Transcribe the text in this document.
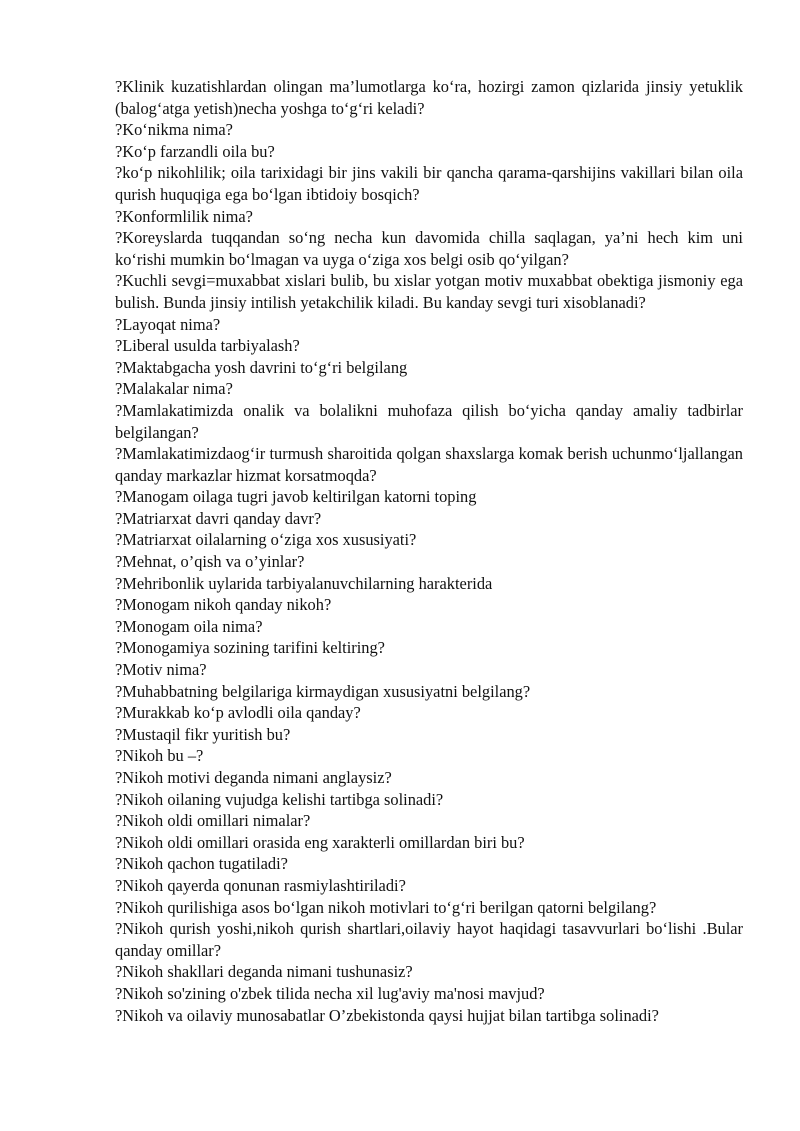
?Klinik kuzatishlardan olingan ma’lumotlarga ko‘ra, hozirgi zamon qizlarida jinsiy yetuklik (balog‘atga yetish)necha yoshga to‘g‘ri keladi?

?Ko‘nikma nima?

?Ko‘p farzandli oila bu?

?ko‘p nikohlilik; oila tarixidagi bir jins vakili bir qancha qarama-qarshijins vakillari bilan oila qurish huquqiga ega bo‘lgan ibtidoiy bosqich?

?Konformlilik nima?

?Koreyslarda tuqqandan so‘ng necha kun davomida chilla saqlagan, ya’ni hech kim uni ko‘rishi mumkin bo‘lmagan va uyga o‘ziga xos belgi osib qo‘yilgan?

?Kuchli sevgi=muxabbat xislari bulib, bu xislar yotgan motiv muxabbat obektiga jismoniy ega bulish. Bunda jinsiy intilish yetakchilik kiladi. Bu kanday sevgi turi xisoblanadi?

?Layoqat nima?

?Liberal usulda tarbiyalash?

?Maktabgacha yosh davrini to‘g‘ri belgilang

?Malakalar nima?

?Mamlakatimizda onalik va bolalikni muhofaza qilish bo‘yicha qanday amaliy tadbirlar belgilangan?

?Mamlakatimizdaog‘ir turmush sharoitida qolgan shaxslarga komak berish uchunmo‘ljallangan qanday markazlar hizmat korsatmoqda?

?Manogam oilaga tugri javob keltirilgan katorni toping

?Matriarxat davri qanday davr?

?Matriarxat oilalarning o‘ziga xos xususiyati?

?Mehnat, o’qish va o’yinlar?

?Mehribonlik uylarida tarbiyalanuvchilarning harakterida

?Monogam nikoh qanday nikoh?

?Monogam oila nima?

?Monogamiya sozining tarifini keltiring?

?Motiv nima?

?Muhabbatning belgilariga kirmaydigan xususiyatni belgilang?

?Murakkab ko‘p avlodli oila qanday?

?Mustaqil fikr yuritish bu?

?Nikoh bu –?

?Nikoh motivi deganda nimani anglaysiz?

?Nikoh oilaning vujudga kelishi tartibga solinadi?

?Nikoh oldi omillari nimalar?

?Nikoh oldi omillari orasida eng xarakterli omillardan biri bu?

?Nikoh qachon tugatiladi?

?Nikoh qayerda qonunan rasmiylashtiriladi?

?Nikoh qurilishiga asos bo‘lgan nikoh motivlari to‘g‘ri berilgan qatorni belgilang?

?Nikoh qurish yoshi,nikoh qurish shartlari,oilaviy hayot haqidagi tasavvurlari bo‘lishi .Bular qanday omillar?

?Nikoh shakllari deganda nimani tushunasiz?

?Nikoh so'zining o'zbek tilida necha xil lug'aviy ma'nosi mavjud?

?Nikoh va oilaviy munosabatlar O’zbekistonda qaysi hujjat bilan tartibga solinadi?
